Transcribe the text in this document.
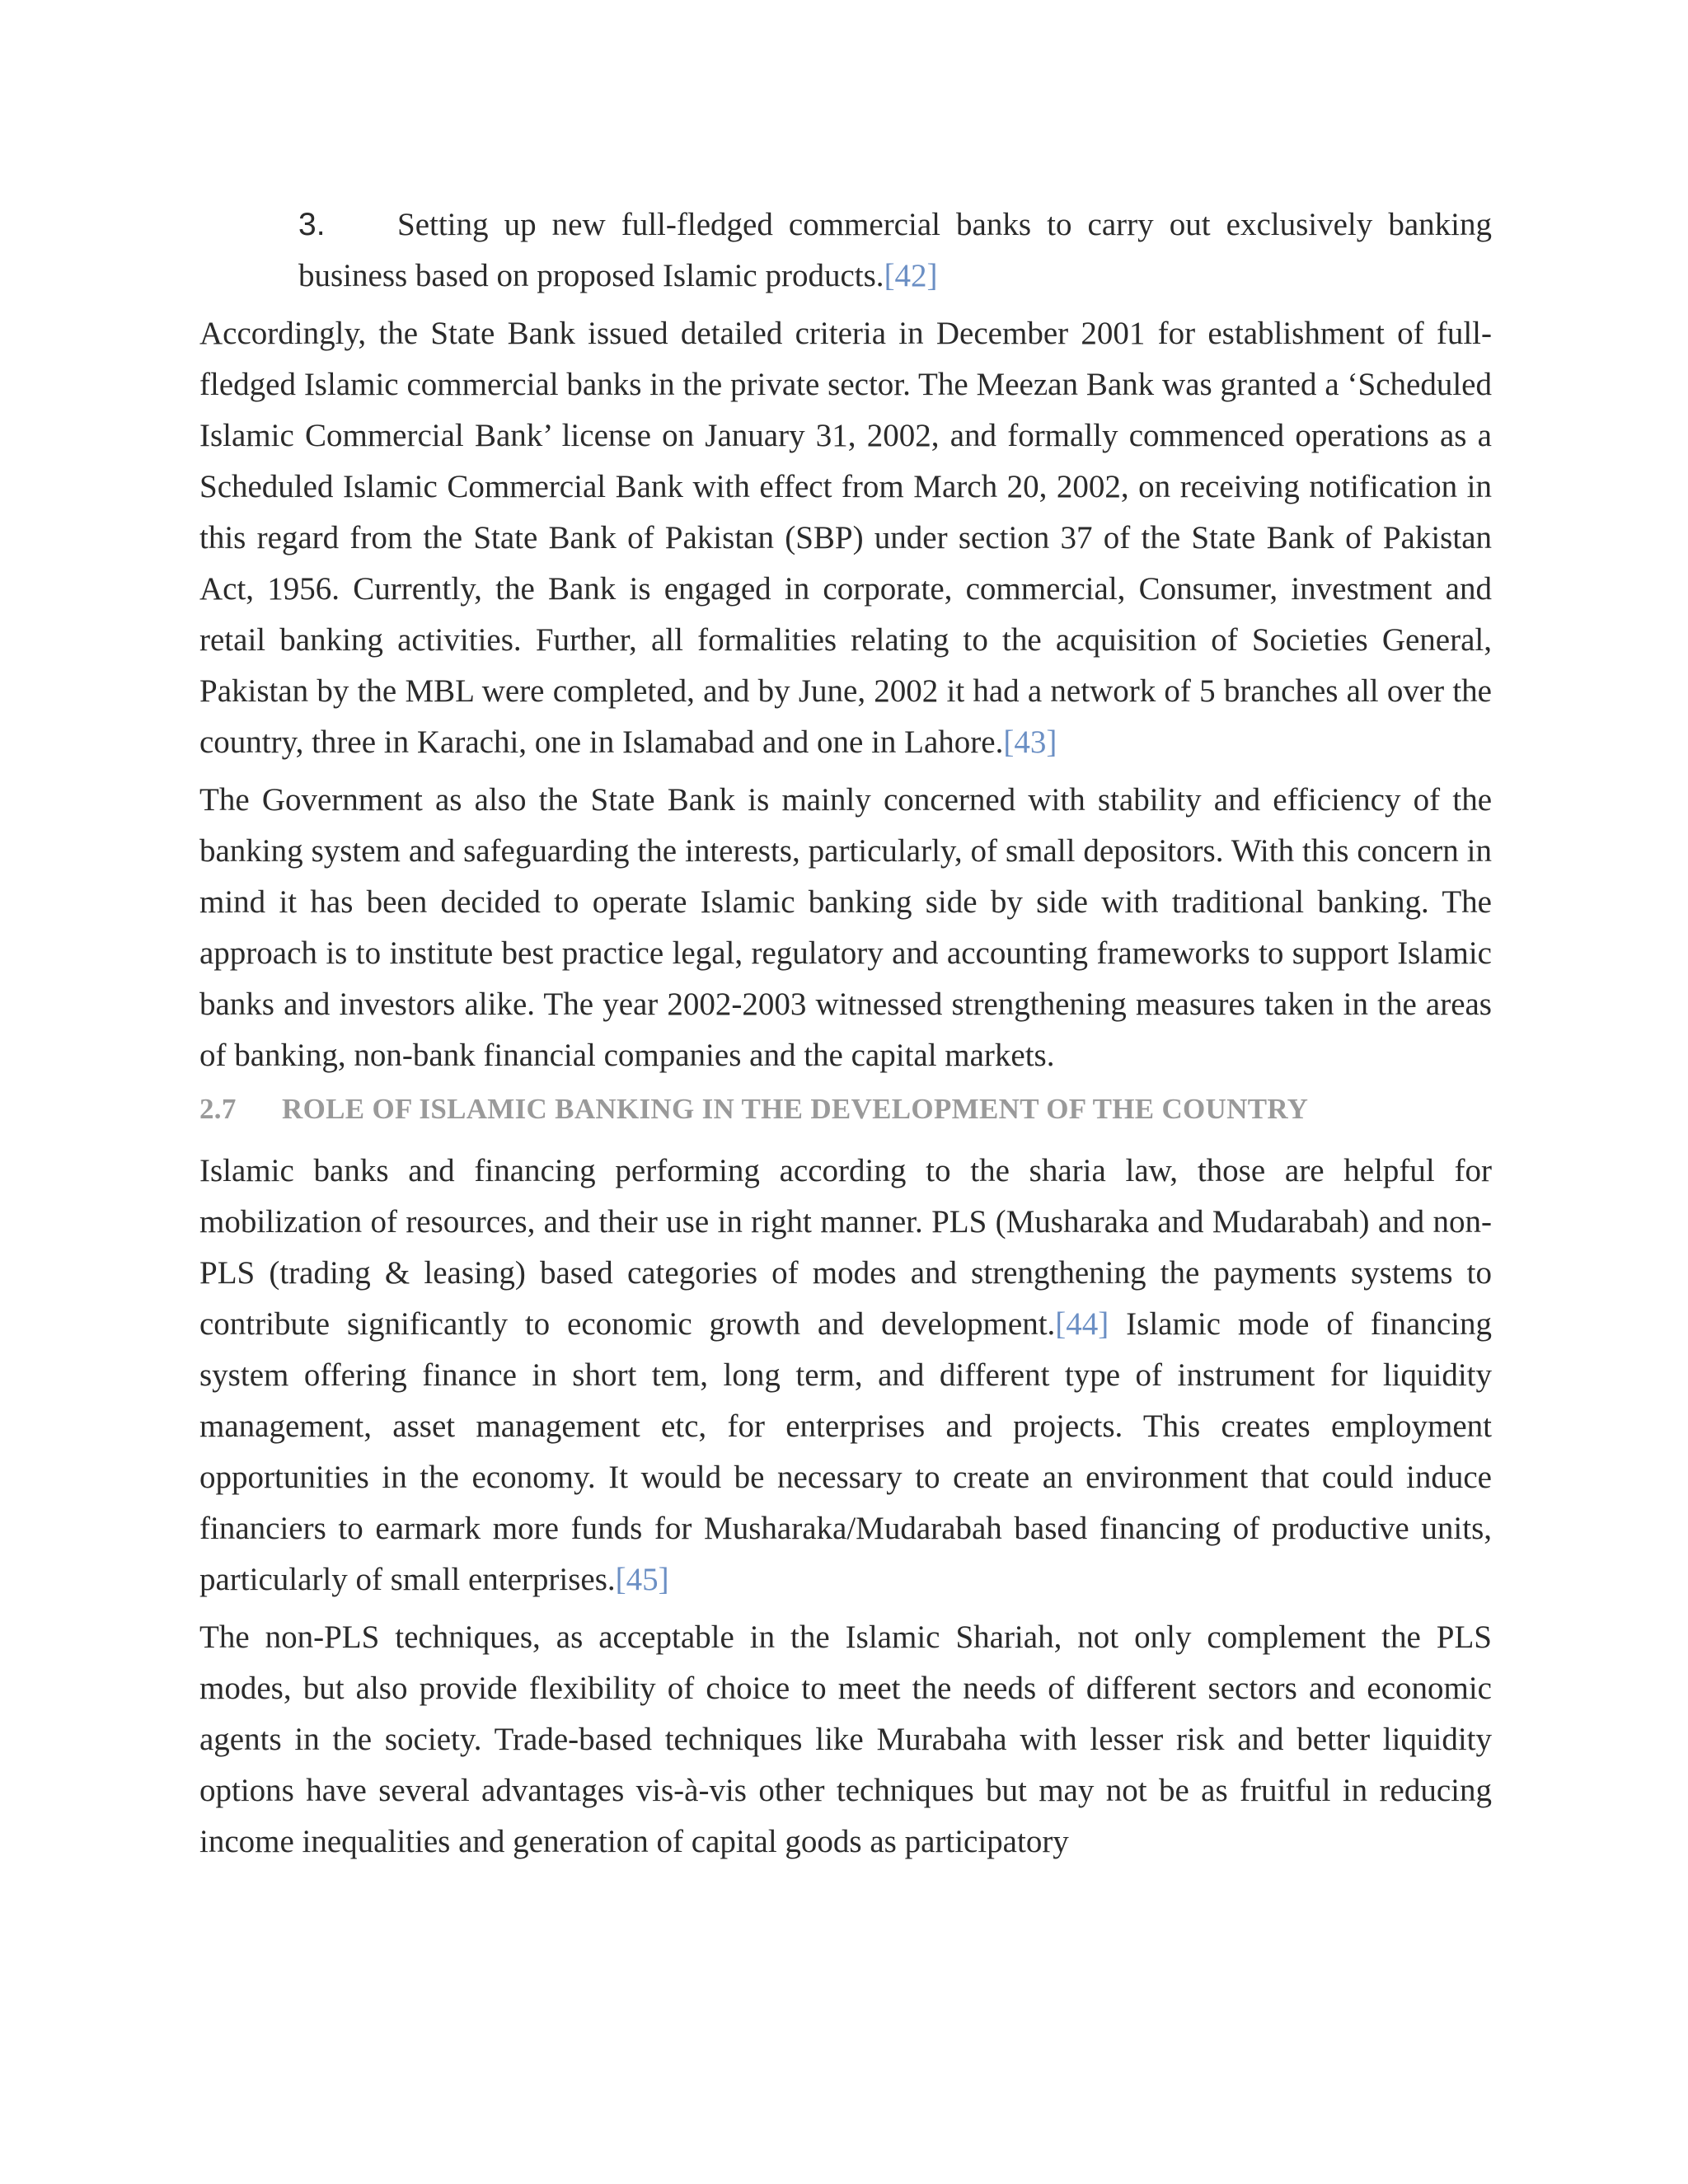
3. Setting up new full-fledged commercial banks to carry out exclusively banking business based on proposed Islamic products.[42]

Accordingly, the State Bank issued detailed criteria in December 2001 for establishment of full-fledged Islamic commercial banks in the private sector. The Meezan Bank was granted a ‘Scheduled Islamic Commercial Bank’ license on January 31, 2002, and formally commenced operations as a Scheduled Islamic Commercial Bank with effect from March 20, 2002, on receiving notification in this regard from the State Bank of Pakistan (SBP) under section 37 of the State Bank of Pakistan Act, 1956. Currently, the Bank is engaged in corporate, commercial, Consumer, investment and retail banking activities. Further, all formalities relating to the acquisition of Societies General, Pakistan by the MBL were completed, and by June, 2002 it had a network of 5 branches all over the country, three in Karachi, one in Islamabad and one in Lahore.[43]

The Government as also the State Bank is mainly concerned with stability and efficiency of the banking system and safeguarding the interests, particularly, of small depositors. With this concern in mind it has been decided to operate Islamic banking side by side with traditional banking. The approach is to institute best practice legal, regulatory and accounting frameworks to support Islamic banks and investors alike. The year 2002-2003 witnessed strengthening measures taken in the areas of banking, non-bank financial companies and the capital markets.

2.7 ROLE OF ISLAMIC BANKING IN THE DEVELOPMENT OF THE COUNTRY

Islamic banks and financing performing according to the sharia law, those are helpful for mobilization of resources, and their use in right manner. PLS (Musharaka and Mudarabah) and non-PLS (trading & leasing) based categories of modes and strengthening the payments systems to contribute significantly to economic growth and development.[44] Islamic mode of financing system offering finance in short tem, long term, and different type of instrument for liquidity management, asset management etc, for enterprises and projects. This creates employment opportunities in the economy. It would be necessary to create an environment that could induce financiers to earmark more funds for Musharaka/Mudarabah based financing of productive units, particularly of small enterprises.[45]

The non-PLS techniques, as acceptable in the Islamic Shariah, not only complement the PLS modes, but also provide flexibility of choice to meet the needs of different sectors and economic agents in the society. Trade-based techniques like Murabaha with lesser risk and better liquidity options have several advantages vis-à-vis other techniques but may not be as fruitful in reducing income inequalities and generation of capital goods as participatory
